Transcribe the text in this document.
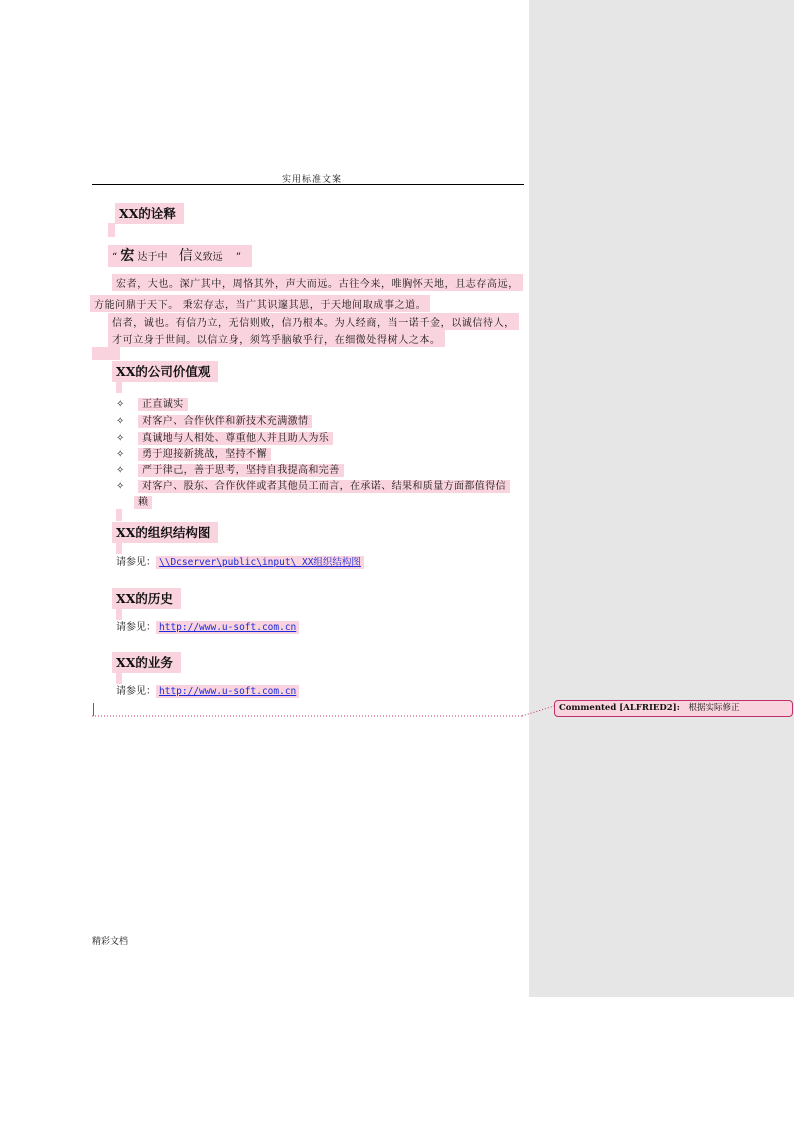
实用标准文案
XX的诠释
“ 宏 达于中 信义致远 ”
宏者，大也。深广其中，周恪其外，声大而远。古往今来，唯胸怀天地，且志存高远，
方能问鼎于天下。 秉宏存志，当广其识邃其思，于天地间取成事之道。
信者，诚也。有信乃立，无信则败，信乃根本。为人经商，当一诺千金，以诚信待人，
才可立身于世间。以信立身，须笃乎脑敏乎行，在细微处得树人之本。
XX的公司价值观
✧ 正直诚实
✧ 对客户、合作伙伴和新技术充满激情
✧ 真诚地与人相处、尊重他人并且助人为乐
✧ 勇于迎接新挑战，坚持不懈
✧ 严于律己，善于思考，坚持自我提高和完善
✧ 对客户、股东、合作伙伴或者其他员工而言，在承诺、结果和质量方面都值得信
赖
XX的组织结构图
请参见： \\Dcserver\public\input\ XX组织结构图
XX的历史
请参见： http://www.u-soft.com.cn
XX的业务
请参见： http://www.u-soft.com.cn
Commented [ALFRIED2]: 根据实际修正
精彩文档
